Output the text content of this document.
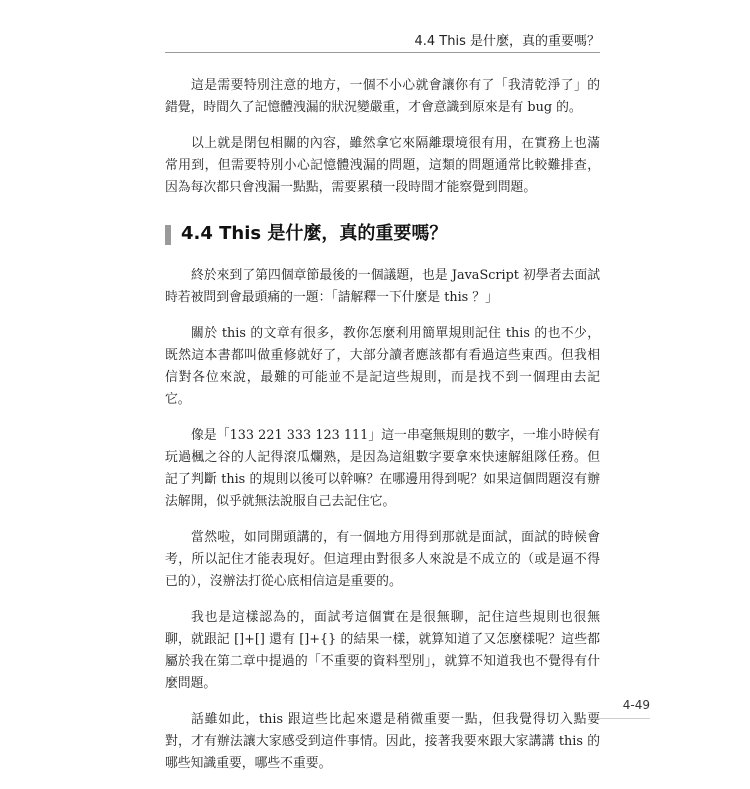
4.4 This 是什麼，真的重要嗎？

這是需要特別注意的地方，一個不小心就會讓你有了「我清乾淨了」的錯覺，時間久了記憶體洩漏的狀況變嚴重，才會意識到原來是有 bug 的。

以上就是閉包相關的內容，雖然拿它來隔離環境很有用，在實務上也滿常用到，但需要特別小心記憶體洩漏的問題，這類的問題通常比較難排查，因為每次都只會洩漏一點點，需要累積一段時間才能察覺到問題。

4.4 This 是什麼，真的重要嗎？

終於來到了第四個章節最後的一個議題，也是 JavaScript 初學者去面試時若被問到會最頭痛的一題：「請解釋一下什麼是 this ？」

關於 this 的文章有很多，教你怎麼利用簡單規則記住 this 的也不少，既然這本書都叫做重修就好了，大部分讀者應該都有看過這些東西。但我相信對各位來說，最難的可能並不是記這些規則，而是找不到一個理由去記它。

像是「133 221 333 123 111」這一串毫無規則的數字，一堆小時候有玩過楓之谷的人記得滾瓜爛熟，是因為這組數字要拿來快速解組隊任務。但記了判斷 this 的規則以後可以幹嘛？在哪邊用得到呢？如果這個問題沒有辦法解開，似乎就無法說服自己去記住它。

當然啦，如同開頭講的，有一個地方用得到那就是面試，面試的時候會考，所以記住才能表現好。但這理由對很多人來說是不成立的（或是逼不得已的），沒辦法打從心底相信這是重要的。

我也是這樣認為的，面試考這個實在是很無聊，記住這些規則也很無聊，就跟記 []+[] 還有 []+{} 的結果一樣，就算知道了又怎麼樣呢？這些都屬於我在第二章中提過的「不重要的資料型別」，就算不知道我也不覺得有什麼問題。

話雖如此，this 跟這些比起來還是稍微重要一點，但我覺得切入點要對，才有辦法讓大家感受到這件事情。因此，接著我要來跟大家講講 this 的哪些知識重要，哪些不重要。

4-49
